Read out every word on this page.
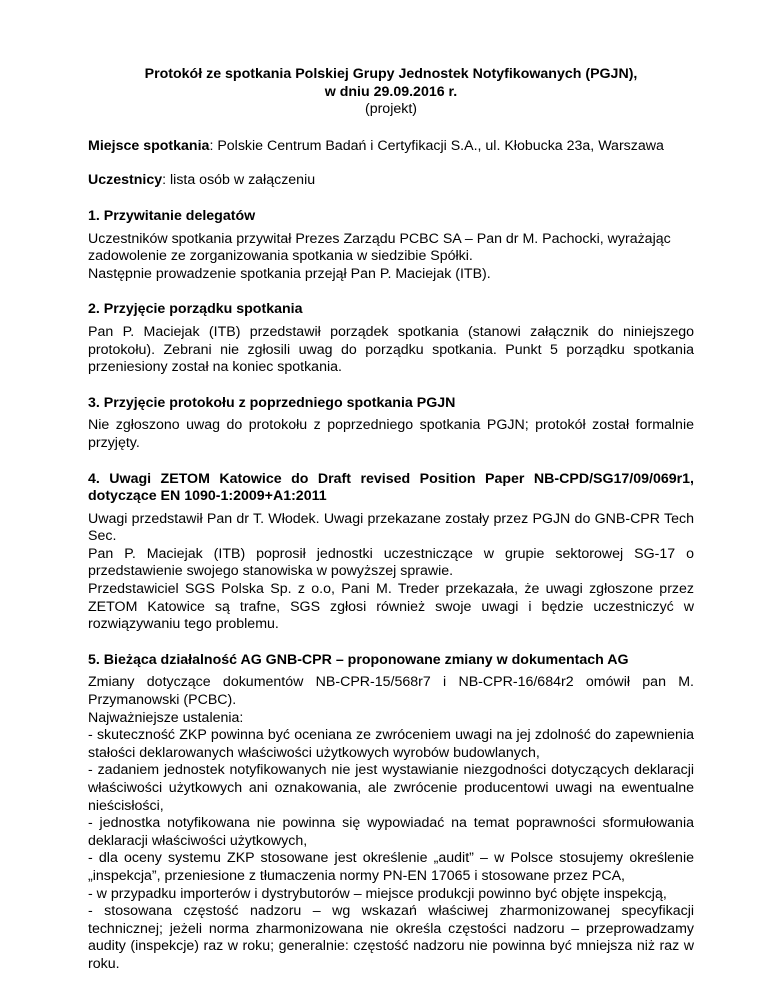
Protokół ze spotkania Polskiej Grupy Jednostek Notyfikowanych (PGJN),

w dniu 29.09.2016 r.

(projekt)

Miejsce spotkania: Polskie Centrum Badań i Certyfikacji S.A., ul. Kłobucka 23a, Warszawa

Uczestnicy: lista osób w załączeniu

1. Przywitanie delegatów

Uczestników spotkania przywitał Prezes Zarządu PCBC SA – Pan dr M. Pachocki, wyrażając zadowolenie ze zorganizowania spotkania w siedzibie Spółki.

Następnie prowadzenie spotkania przejął Pan P. Maciejak (ITB).

2. Przyjęcie porządku spotkania

Pan P. Maciejak (ITB) przedstawił porządek spotkania (stanowi załącznik do niniejszego protokołu). Zebrani nie zgłosili uwag do porządku spotkania. Punkt 5 porządku spotkania przeniesiony został na koniec spotkania.

3. Przyjęcie protokołu z poprzedniego spotkania PGJN

Nie zgłoszono uwag do protokołu z poprzedniego spotkania PGJN; protokół został formalnie przyjęty.

4. Uwagi ZETOM Katowice do Draft revised Position Paper NB-CPD/SG17/09/069r1, dotyczące EN 1090-1:2009+A1:2011

Uwagi przedstawił Pan dr T. Włodek. Uwagi przekazane zostały przez PGJN do GNB-CPR Tech Sec.

Pan P. Maciejak (ITB) poprosił jednostki uczestniczące w grupie sektorowej SG-17 o przedstawienie swojego stanowiska w powyższej sprawie.

Przedstawiciel SGS Polska Sp. z o.o, Pani M. Treder przekazała, że uwagi zgłoszone przez ZETOM Katowice są trafne, SGS zgłosi również swoje uwagi i będzie uczestniczyć w rozwiązywaniu tego problemu.

5. Bieżąca działalność AG GNB-CPR – proponowane zmiany w dokumentach AG

Zmiany dotyczące dokumentów NB-CPR-15/568r7 i NB-CPR-16/684r2 omówił pan M. Przymanowski (PCBC).

Najważniejsze ustalenia:

- skuteczność ZKP powinna być oceniana ze zwróceniem uwagi na jej zdolność do zapewnienia stałości deklarowanych właściwości użytkowych wyrobów budowlanych,

- zadaniem jednostek notyfikowanych nie jest wystawianie niezgodności dotyczących deklaracji właściwości użytkowych ani oznakowania, ale zwrócenie producentowi uwagi na ewentualne nieścisłości,

- jednostka notyfikowana nie powinna się wypowiadać na temat poprawności sformułowania deklaracji właściwości użytkowych,

- dla oceny systemu ZKP stosowane jest określenie „audit” – w Polsce stosujemy określenie „inspekcja”, przeniesione z tłumaczenia normy PN-EN 17065 i stosowane przez PCA,

- w przypadku importerów i dystrybutorów – miejsce produkcji powinno być objęte inspekcją,

- stosowana częstość nadzoru – wg wskazań właściwej zharmonizowanej specyfikacji technicznej; jeżeli norma zharmonizowana nie określa częstości nadzoru – przeprowadzamy audity (inspekcje) raz w roku; generalnie: częstość nadzoru nie powinna być mniejsza niż raz w roku.
